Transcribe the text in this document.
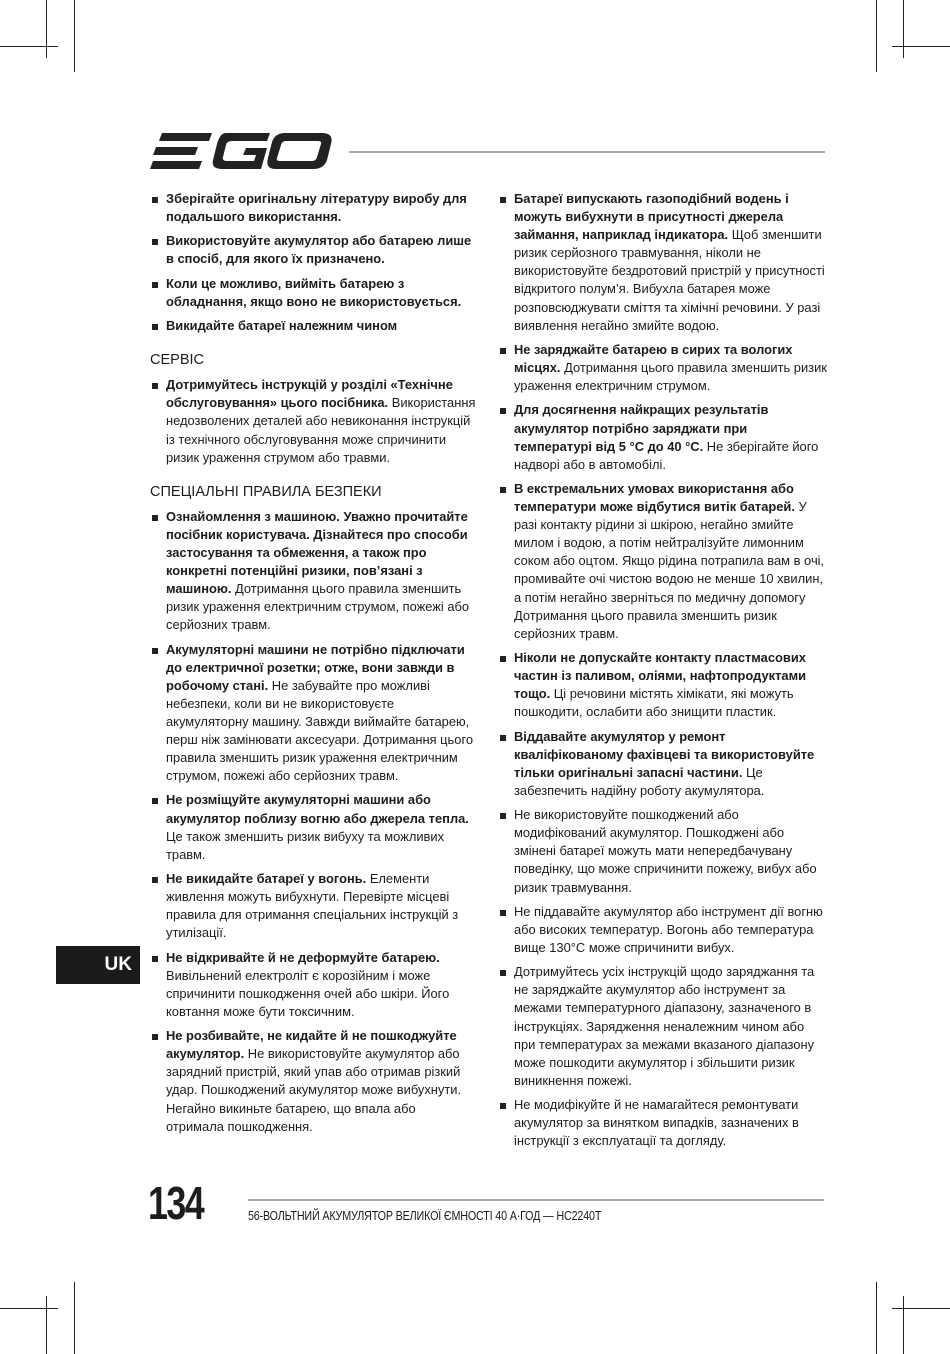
Зберігайте оригінальну літературу виробу для подальшого використання.
Використовуйте акумулятор або батарею лише в спосіб, для якого їх призначено.
Коли це можливо, вийміть батарею з обладнання, якщо воно не використовується.
Викидайте батареї належним чином
СЕРВІС
Дотримуйтесь інструкцій у розділі «Технічне обслуговування» цього посібника. Використання недозволених деталей або невиконання інструкцій із технічного обслуговування може спричинити ризик ураження струмом або травми.
СПЕЦІАЛЬНІ ПРАВИЛА БЕЗПЕКИ
Ознайомлення з машиною. Уважно прочитайте посібник користувача. Дізнайтеся про способи застосування та обмеження, а також про конкретні потенційні ризики, пов’язані з машиною. Дотримання цього правила зменшить ризик ураження електричним струмом, пожежі або серйозних травм.
Акумуляторні машини не потрібно підключати до електричної розетки; отже, вони завжди в робочому стані. Не забувайте про можливі небезпеки, коли ви не використовуєте акумуляторну машину. Завжди виймайте батарею, перш ніж замінювати аксесуари. Дотримання цього правила зменшить ризик ураження електричним струмом, пожежі або серйозних травм.
Не розміщуйте акумуляторні машини або акумулятор поблизу вогню або джерела тепла. Це також зменшить ризик вибуху та можливих травм.
Не викидайте батареї у вогонь. Елементи живлення можуть вибухнути. Перевірте місцеві правила для отримання спеціальних інструкцій з утилізації.
Не відкривайте й не деформуйте батарею. Вивільнений електроліт є корозійним і може спричинити пошкодження очей або шкіри. Його ковтання може бути токсичним.
Не розбивайте, не кидайте й не пошкоджуйте акумулятор. Не використовуйте акумулятор або зарядний пристрій, який упав або отримав різкий удар. Пошкоджений акумулятор може вибухнути. Негайно викиньте батарею, що впала або отримала пошкодження.
Батареї випускають газоподібний водень і можуть вибухнути в присутності джерела займання, наприклад індикатора. Щоб зменшити ризик серйозного травмування, ніколи не використовуйте бездротовий пристрій у присутності відкритого полум’я. Вибухла батарея може розповсюджувати сміття та хімічні речовини. У разі виявлення негайно змийте водою.
Не заряджайте батарею в сирих та вологих місцях. Дотримання цього правила зменшить ризик ураження електричним струмом.
Для досягнення найкращих результатів акумулятор потрібно заряджати при температурі від 5 °C до 40 °C. Не зберігайте його надворі або в автомобілі.
В екстремальних умовах використання або температури може відбутися витік батарей. У разі контакту рідини зі шкірою, негайно змийте милом і водою, а потім нейтралізуйте лимонним соком або оцтом. Якщо рідина потрапила вам в очі, промивайте очі чистою водою не менше 10 хвилин, а потім негайно зверніться по медичну допомогу Дотримання цього правила зменшить ризик серйозних травм.
Ніколи не допускайте контакту пластмасових частин із паливом, оліями, нафтопродуктами тощо. Ці речовини містять хімікати, які можуть пошкодити, ослабити або знищити пластик.
Віддавайте акумулятор у ремонт кваліфікованому фахівцеві та використовуйте тільки оригінальні запасні частини. Це забезпечить надійну роботу акумулятора.
Не використовуйте пошкоджений або модифікований акумулятор. Пошкоджені або змінені батареї можуть мати непередбачувану поведінку, що може спричинити пожежу, вибух або ризик травмування.
Не піддавайте акумулятор або інструмент дії вогню або високих температур. Вогонь або температура вище 130°C може спричинити вибух.
Дотримуйтесь усіх інструкцій щодо заряджання та не заряджайте акумулятор або інструмент за межами температурного діапазону, зазначеного в інструкціях. Зарядження неналежним чином або при температурах за межами вказаного діапазону може пошкодити акумулятор і збільшити ризик виникнення пожежі.
Не модифікуйте й не намагайтеся ремонтувати акумулятор за винятком випадків, зазначених в інструкції з експлуатації та догляду.
UK
134	56-ВОЛЬТНИЙ АКУМУЛЯТОР ВЕЛИКОЇ ЄМНОСТІ 40 А·ГОД — HC2240T
